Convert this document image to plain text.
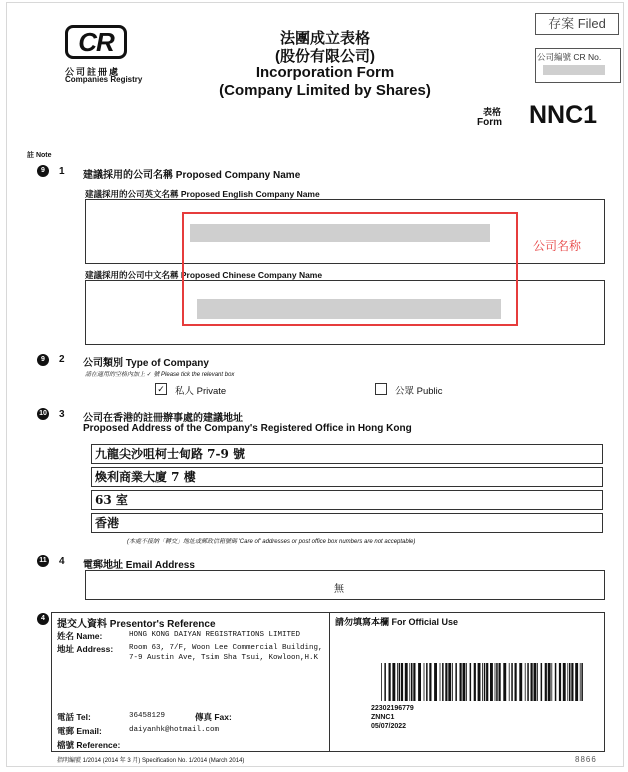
CR
公司註冊處
Companies Registry
法團成立表格
(股份有限公司)
Incorporation Form
(Company Limited by Shares)
存案 Filed
公司編號 CR No.
表格
Form NNC1
註 Note
9	1 建議採用的公司名稱 Proposed Company Name
建議採用的公司英文名稱 Proposed English Company Name
建議採用的公司中文名稱 Proposed Chinese Company Name
公司名称
9	2 公司類別 Type of Company
請在適用的空格內加上 ✓ 號 Please tick the relevant box
✓ 私人 Private	公眾 Public
10 3 公司在香港的註冊辦事處的建議地址
Proposed Address of the Company's Registered Office in Hong Kong
九龍尖沙咀柯士甸路 7-9 號
煥利商業大廈 7 樓
63 室
香港
(本處不接納「轉交」地址或郵政信箱號碼 'Care of' addresses or post office box numbers are not acceptable)
11 4 電郵地址 Email Address
無
4
提交人資料 Presentor's Reference
姓名 Name:	HONG KONG DAIYAN REGISTRATIONS LIMITED
地址 Address: Room 63, 7/F, Woon Lee Commercial Building,
7-9 Austin Ave, Tsim Sha Tsui, Kowloon,H.K
電話 Tel:	36458129	傳真 Fax:
電郵 Email:	daiyanhk@hotmail.com
檔號 Reference:
請勿填寫本欄 For Official Use
22302196779
ZNNC1
05/07/2022
指明編號 1/2014 (2014 年 3 月) Specification No. 1/2014 (March 2014)	8866
